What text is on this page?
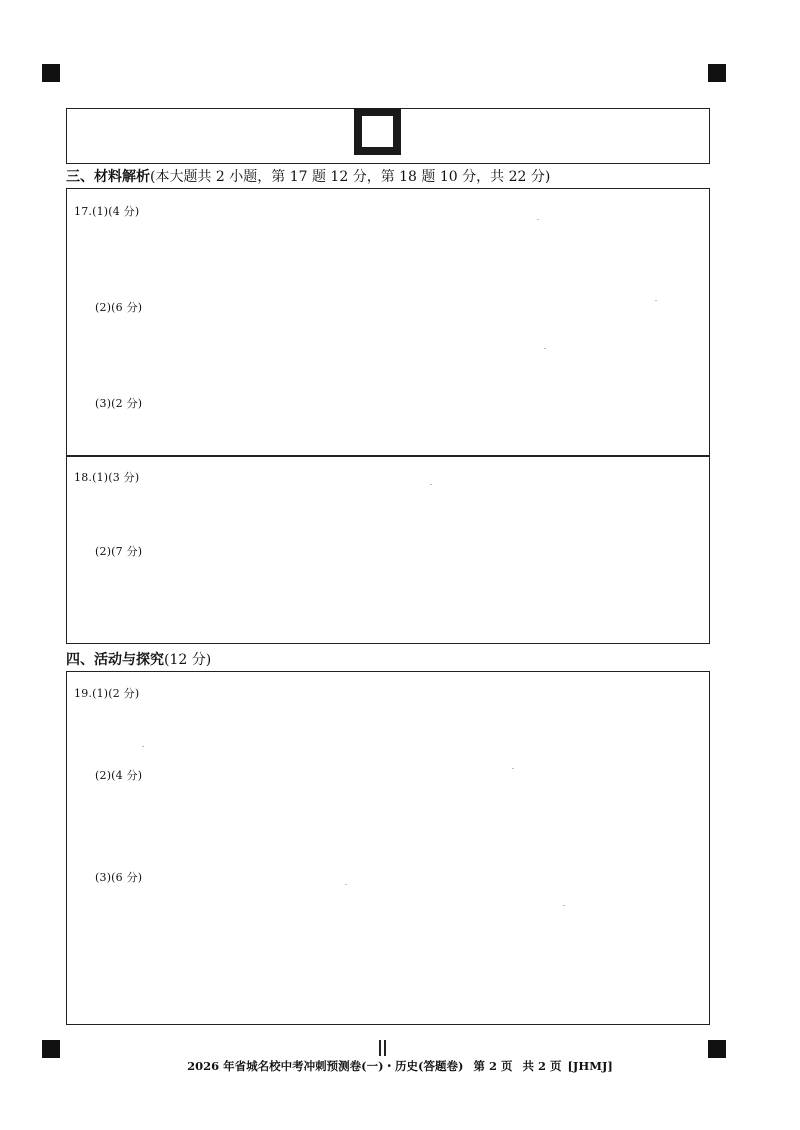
三、材料解析(本大题共 2 小题，第 17 题 12 分，第 18 题 10 分，共 22 分)
17.(1)(4 分)
(2)(6 分)
(3)(2 分)
18.(1)(3 分)
(2)(7 分)
四、活动与探究(12 分)
19.(1)(2 分)
(2)(4 分)
(3)(6 分)
2026 年省城名校中考冲刺预测卷(一)・历史(答题卷) 第 2 页 共 2 页 [JHMJ]
